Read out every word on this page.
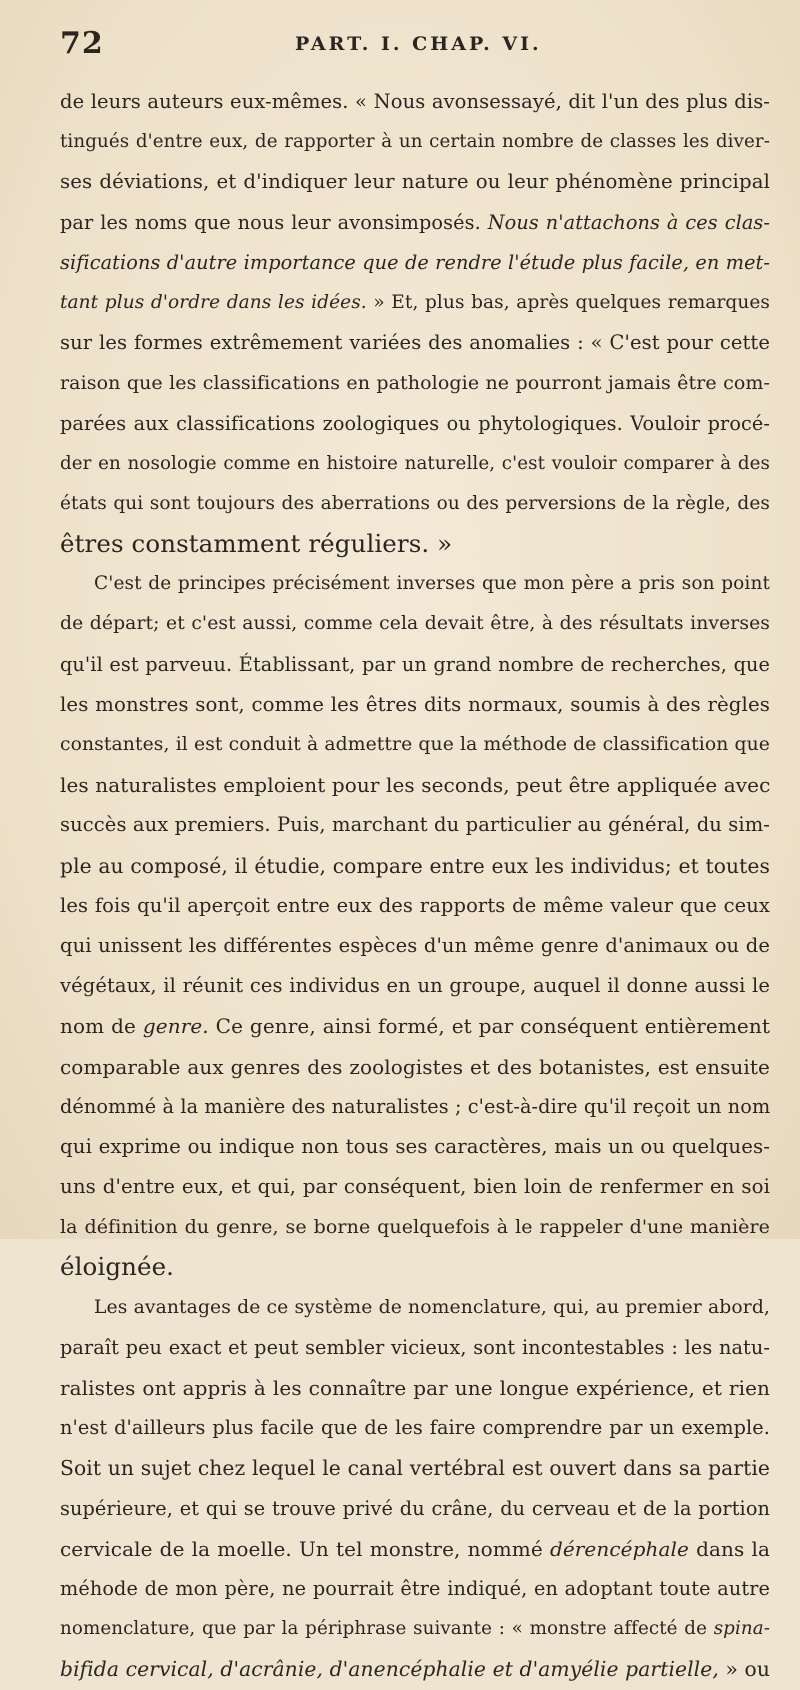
72	PART. I. CHAP. VI.
de leurs auteurs eux-mêmes. « Nous avonsessayé, dit l'un des plus dis-
tingués d'entre eux, de rapporter à un certain nombre de classes les diver-
ses déviations, et d'indiquer leur nature ou leur phénomène principal
par les noms que nous leur avonsimposés. Nous n'attachons à ces clas-
sifications d'autre importance que de rendre l'étude plus facile, en met-
tant plus d'ordre dans les idées. » Et, plus bas, après quelques remarques
sur les formes extrêmement variées des anomalies : « C'est pour cette
raison que les classifications en pathologie ne pourront jamais être com-
parées aux classifications zoologiques ou phytologiques. Vouloir procé-
der en nosologie comme en histoire naturelle, c'est vouloir comparer à des
états qui sont toujours des aberrations ou des perversions de la règle, des
êtres constamment réguliers. »
C'est de principes précisément inverses que mon père a pris son point
de départ; et c'est aussi, comme cela devait être, à des résultats inverses
qu'il est parveuu. Établissant, par un grand nombre de recherches, que
les monstres sont, comme les êtres dits normaux, soumis à des règles
constantes, il est conduit à admettre que la méthode de classification que
les naturalistes emploient pour les seconds, peut être appliquée avec
succès aux premiers. Puis, marchant du particulier au général, du sim-
ple au composé, il étudie, compare entre eux les individus; et toutes
les fois qu'il aperçoit entre eux des rapports de même valeur que ceux
qui unissent les différentes espèces d'un même genre d'animaux ou de
végétaux, il réunit ces individus en un groupe, auquel il donne aussi le
nom de genre. Ce genre, ainsi formé, et par conséquent entièrement
comparable aux genres des zoologistes et des botanistes, est ensuite
dénommé à la manière des naturalistes ; c'est-à-dire qu'il reçoit un nom
qui exprime ou indique non tous ses caractères, mais un ou quelques-
uns d'entre eux, et qui, par conséquent, bien loin de renfermer en soi
la définition du genre, se borne quelquefois à le rappeler d'une manière
éloignée.
Les avantages de ce système de nomenclature, qui, au premier abord,
paraît peu exact et peut sembler vicieux, sont incontestables : les natu-
ralistes ont appris à les connaître par une longue expérience, et rien
n'est d'ailleurs plus facile que de les faire comprendre par un exemple.
Soit un sujet chez lequel le canal vertébral est ouvert dans sa partie
supérieure, et qui se trouve privé du crâne, du cerveau et de la portion
cervicale de la moelle. Un tel monstre, nommé dérencéphale dans la
méhode de mon père, ne pourrait être indiqué, en adoptant toute autre
nomenclature, que par la périphrase suivante : « monstre affecté de spina-
bifida cervical, d'acrânie, d'anencéphalie et d'amyélie partielle, » ou
